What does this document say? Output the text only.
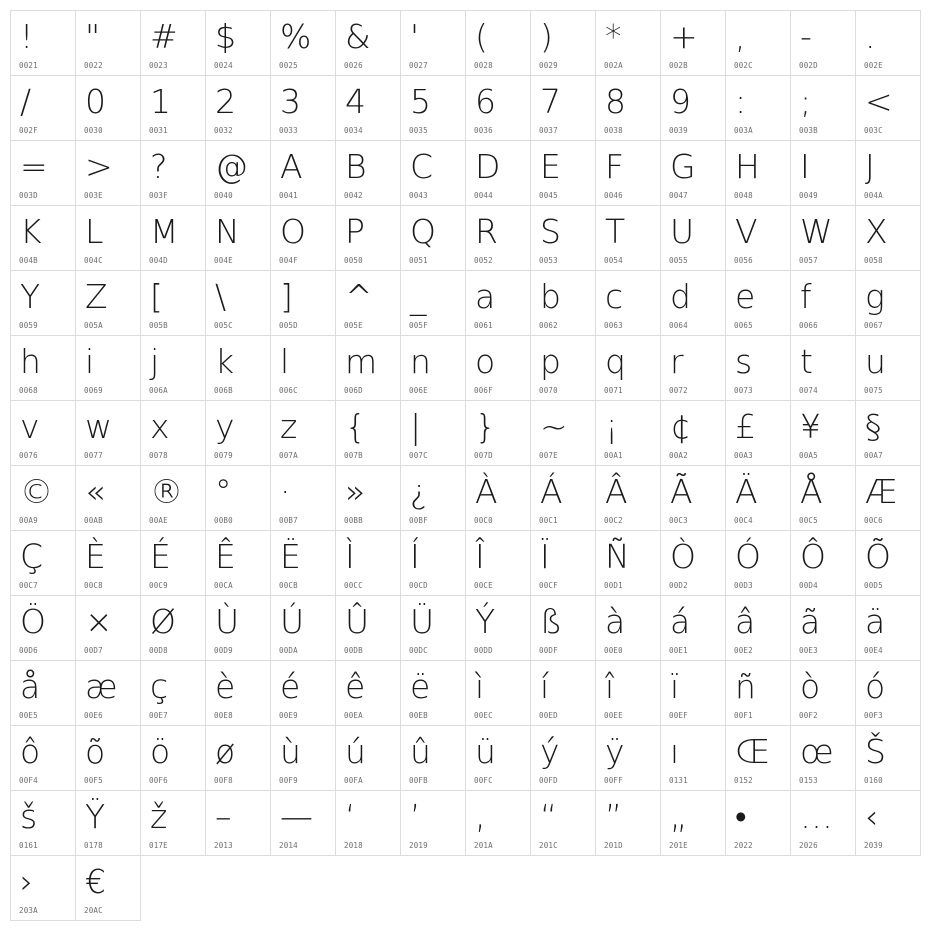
!
0021
"
0022
#
0023
$
0024
%
0025
&
0026
'
0027
(
0028
)
0029
*
002A
+
002B
,
002C
-
002D
.
002E
/
002F
0
0030
1
0031
2
0032
3
0033
4
0034
5
0035
6
0036
7
0037
8
0038
9
0039
:
003A
;
003B
<
003C
=
003D
>
003E
?
003F
@
0040
A
0041
B
0042
C
0043
D
0044
E
0045
F
0046
G
0047
H
0048
I
0049
J
004A
K
004B
L
004C
M
004D
N
004E
O
004F
P
0050
Q
0051
R
0052
S
0053
T
0054
U
0055
V
0056
W
0057
X
0058
Y
0059
Z
005A
[
005B
\
005C
]
005D
^
005E
_
005F
a
0061
b
0062
c
0063
d
0064
e
0065
f
0066
g
0067
h
0068
i
0069
j
006A
k
006B
l
006C
m
006D
n
006E
o
006F
p
0070
q
0071
r
0072
s
0073
t
0074
u
0075
v
0076
w
0077
x
0078
y
0079
z
007A
{
007B
|
007C
}
007D
~
007E
¡
00A1
¢
00A2
£
00A3
¥
00A5
§
00A7
©
00A9
«
00AB
®
00AE
°
00B0
·
00B7
»
00BB
¿
00BF
À
00C0
Á
00C1
Â
00C2
Ã
00C3
Ä
00C4
Å
00C5
Æ
00C6
Ç
00C7
È
00C8
É
00C9
Ê
00CA
Ë
00CB
Ì
00CC
Í
00CD
Î
00CE
Ï
00CF
Ñ
00D1
Ò
00D2
Ó
00D3
Ô
00D4
Õ
00D5
Ö
00D6
×
00D7
Ø
00D8
Ù
00D9
Ú
00DA
Û
00DB
Ü
00DC
Ý
00DD
ß
00DF
à
00E0
á
00E1
â
00E2
ã
00E3
ä
00E4
å
00E5
æ
00E6
ç
00E7
è
00E8
é
00E9
ê
00EA
ë
00EB
ì
00EC
í
00ED
î
00EE
ï
00EF
ñ
00F1
ò
00F2
ó
00F3
ô
00F4
õ
00F5
ö
00F6
ø
00F8
ù
00F9
ú
00FA
û
00FB
ü
00FC
ý
00FD
ÿ
00FF
ı
0131
Œ
0152
œ
0153
Š
0160
š
0161
Ÿ
0178
ž
017E
–
2013
—
2014
‘
2018
’
2019
‚
201A
“
201C
”
201D
„
201E
•
2022
…
2026
‹
2039
›
203A
€
20AC
